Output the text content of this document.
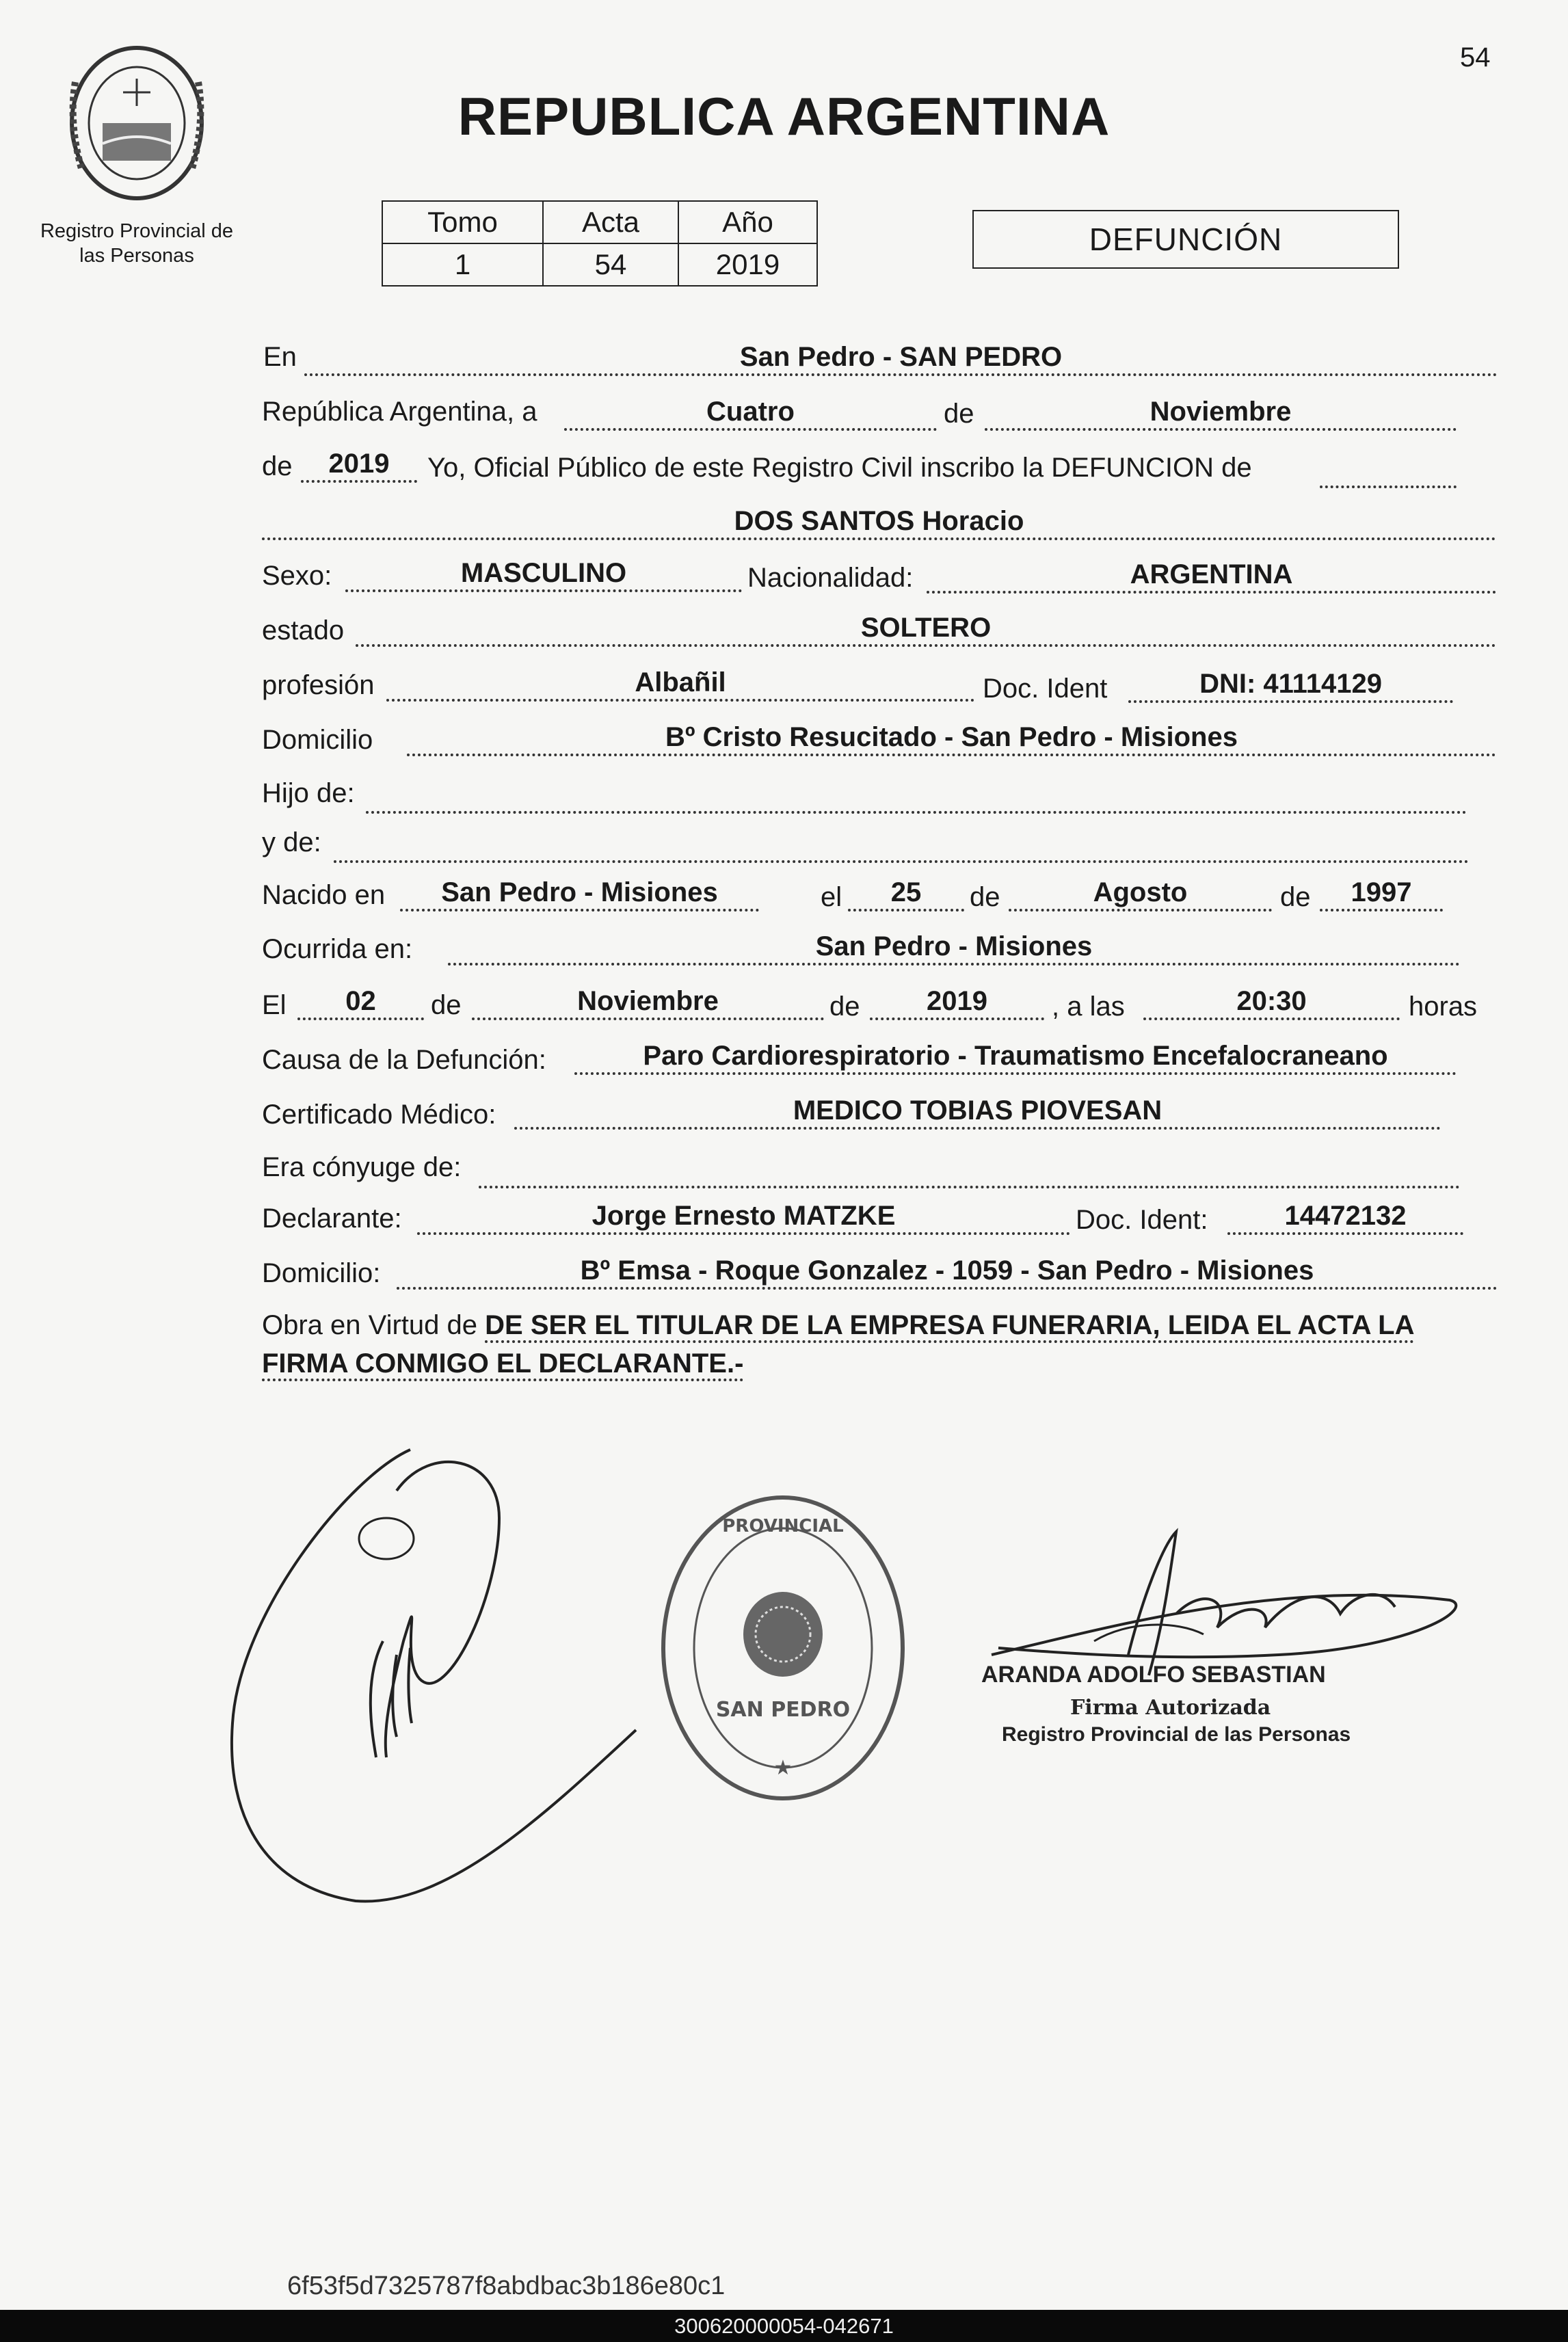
54
Registro Provincial de las Personas
REPUBLICA ARGENTINA
Tomo	Acta	Año
1	54	2019
DEFUNCIÓN
En	San Pedro - SAN PEDRO
República Argentina, a	Cuatro	de	Noviembre
de	2019	Yo, Oficial Público de este Registro Civil inscribo la DEFUNCION de
DOS SANTOS Horacio
Sexo:	MASCULINO	Nacionalidad:	ARGENTINA
estado	SOLTERO
profesión	Albañil	Doc. Ident	DNI: 41114129
Domicilio	Bº Cristo Resucitado - San Pedro - Misiones
Hijo de:
y de:
Nacido en	San Pedro - Misiones	el	25	de	Agosto	de	1997
Ocurrida en:	San Pedro - Misiones
El	02	de	Noviembre	de	2019	, a las	20:30	horas
Causa de la Defunción:	Paro Cardiorespiratorio - Traumatismo Encefalocraneano
Certificado Médico:	MEDICO TOBIAS PIOVESAN
Era cónyuge de:
Declarante:	Jorge Ernesto MATZKE	Doc. Ident:	14472132
Domicilio:	Bº Emsa - Roque Gonzalez - 1059 - San Pedro - Misiones
Obra en Virtud de DE SER EL TITULAR DE LA EMPRESA FUNERARIA, LEIDA EL ACTA LA
FIRMA CONMIGO EL DECLARANTE.-
PROVINCIAL
SAN PEDRO
★
ARANDA ADOLFO SEBASTIAN
Firma Autorizada
Registro Provincial de las Personas
6f53f5d7325787f8abdbac3b186e80c1
300620000054-042671
